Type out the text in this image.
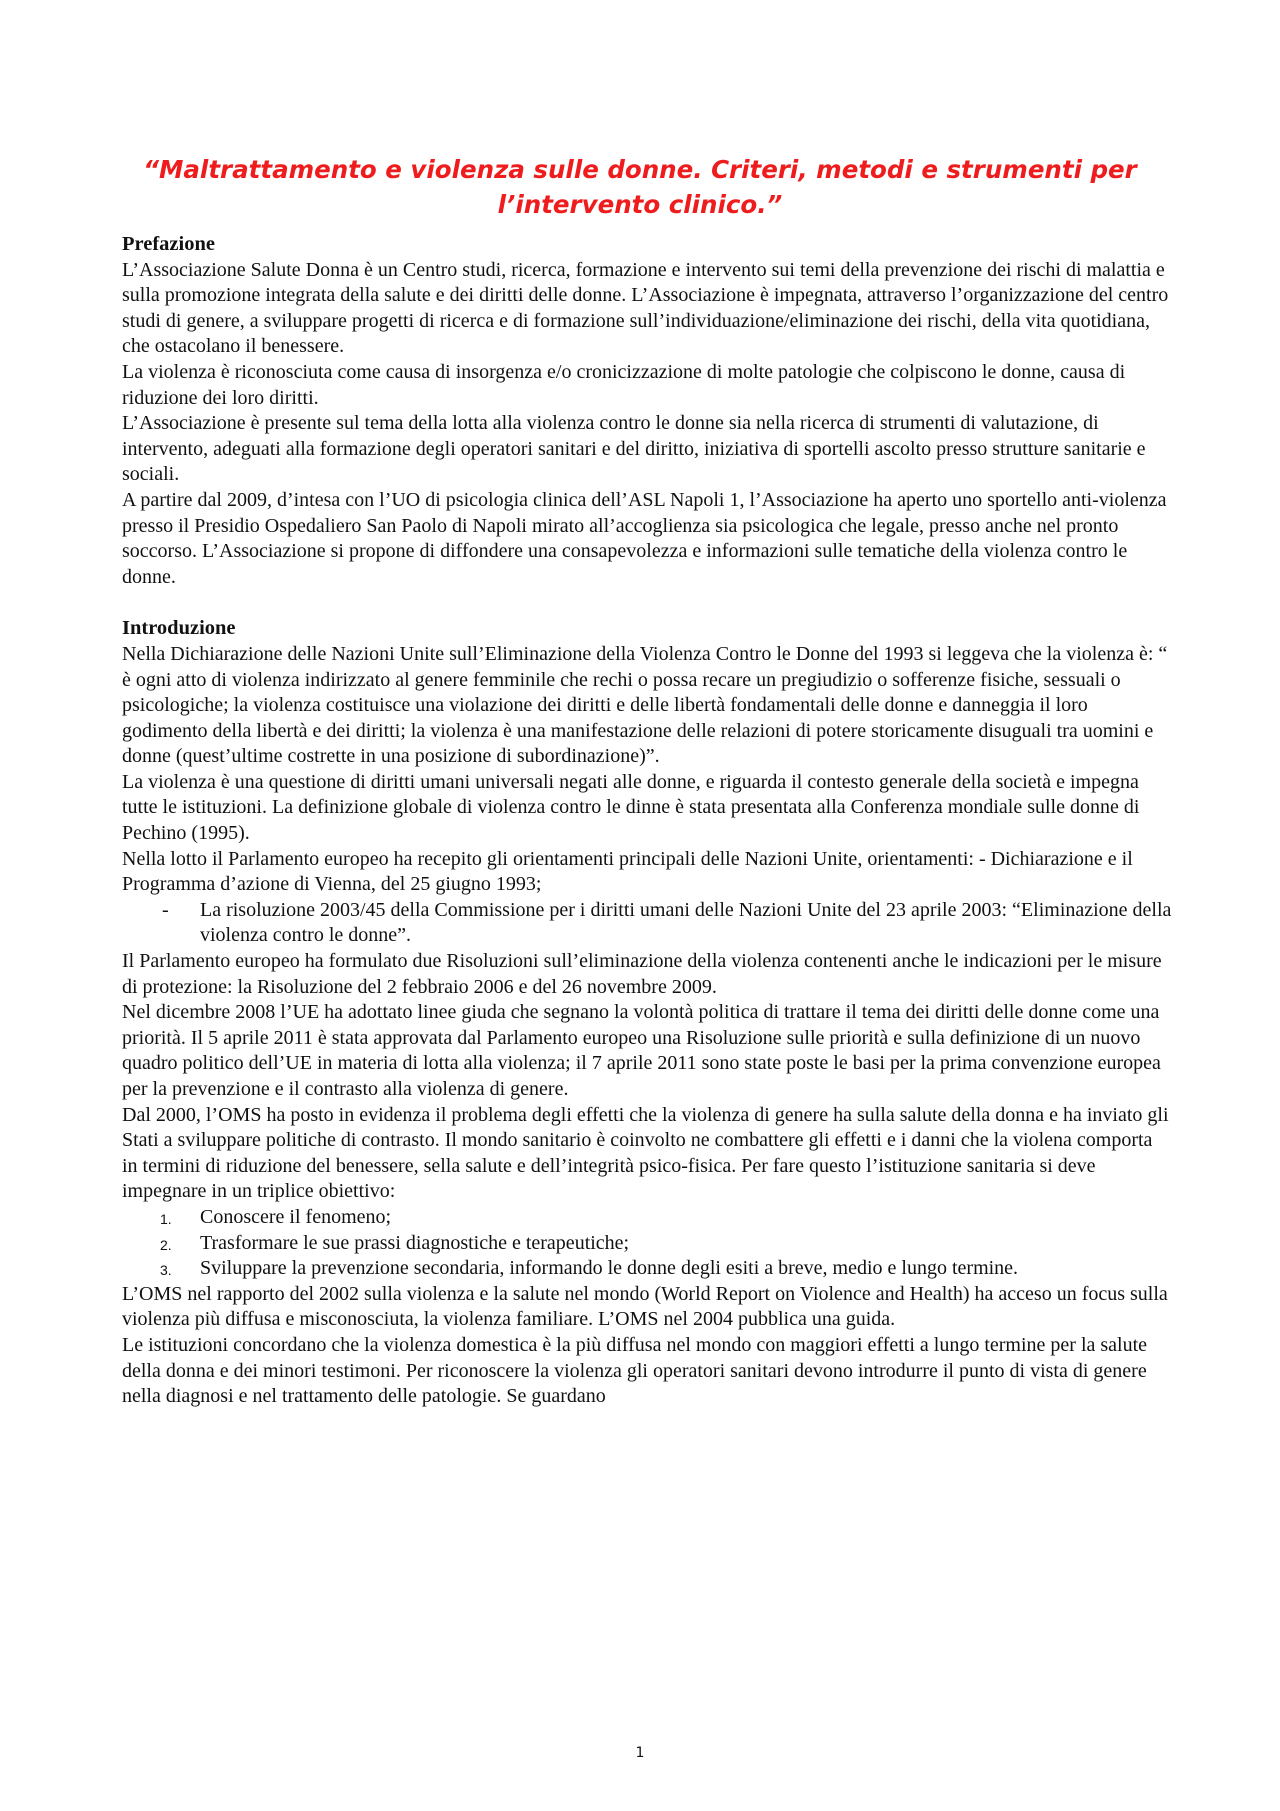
“Maltrattamento e violenza sulle donne. Criteri, metodi e strumenti per
l’intervento clinico.”

Prefazione

L’Associazione Salute Donna è un Centro studi, ricerca, formazione e intervento sui temi della prevenzione dei rischi di malattia e sulla promozione integrata della salute e dei diritti delle donne. L’Associazione è impegnata, attraverso l’organizzazione del centro studi di genere, a sviluppare progetti di ricerca e di formazione sull’individuazione/eliminazione dei rischi, della vita quotidiana, che ostacolano il benessere.

La violenza è riconosciuta come causa di insorgenza e/o cronicizzazione di molte patologie che colpiscono le donne, causa di riduzione dei loro diritti.

L’Associazione è presente sul tema della lotta alla violenza contro le donne sia nella ricerca di strumenti di valutazione, di intervento, adeguati alla formazione degli operatori sanitari e del diritto, iniziativa di sportelli ascolto presso strutture sanitarie e sociali.

A partire dal 2009, d’intesa con l’UO di psicologia clinica dell’ASL Napoli 1, l’Associazione ha aperto uno sportello anti-violenza presso il Presidio Ospedaliero San Paolo di Napoli mirato all’accoglienza sia psicologica che legale, presso anche nel pronto soccorso. L’Associazione si propone di diffondere una consapevolezza e informazioni sulle tematiche della violenza contro le donne.

Introduzione

Nella Dichiarazione delle Nazioni Unite sull’Eliminazione della Violenza Contro le Donne del 1993 si leggeva che la violenza è: “ è ogni atto di violenza indirizzato al genere femminile che rechi o possa recare un pregiudizio o sofferenze fisiche, sessuali o psicologiche; la violenza costituisce una violazione dei diritti e delle libertà fondamentali delle donne e danneggia il loro godimento della libertà e dei diritti; la violenza è una manifestazione delle relazioni di potere storicamente disuguali tra uomini e donne (quest’ultime costrette in una posizione di subordinazione)”.

La violenza è una questione di diritti umani universali negati alle donne, e riguarda il contesto generale della società e impegna tutte le istituzioni. La definizione globale di violenza contro le dinne è stata presentata alla Conferenza mondiale sulle donne di Pechino (1995).

Nella lotto il Parlamento europeo ha recepito gli orientamenti principali delle Nazioni Unite, orientamenti: - Dichiarazione e il Programma d’azione di Vienna, del 25 giugno 1993;

- La risoluzione 2003/45 della Commissione per i diritti umani delle Nazioni Unite del 23 aprile 2003: “Eliminazione della violenza contro le donne”.

Il Parlamento europeo ha formulato due Risoluzioni sull’eliminazione della violenza contenenti anche le indicazioni per le misure di protezione: la Risoluzione del 2 febbraio 2006 e del 26 novembre 2009.

Nel dicembre 2008 l’UE ha adottato linee giuda che segnano la volontà politica di trattare il tema dei diritti delle donne come una priorità. Il 5 aprile 2011 è stata approvata dal Parlamento europeo una Risoluzione sulle priorità e sulla definizione di un nuovo quadro politico dell’UE in materia di lotta alla violenza; il 7 aprile 2011 sono state poste le basi per la prima convenzione europea per la prevenzione e il contrasto alla violenza di genere.

Dal 2000, l’OMS ha posto in evidenza il problema degli effetti che la violenza di genere ha sulla salute della donna e ha inviato gli Stati a sviluppare politiche di contrasto. Il mondo sanitario è coinvolto ne combattere gli effetti e i danni che la violena comporta in termini di riduzione del benessere, sella salute e dell’integrità psico-fisica. Per fare questo l’istituzione sanitaria si deve impegnare in un triplice obiettivo:

1. Conoscere il fenomeno;
2. Trasformare le sue prassi diagnostiche e terapeutiche;
3. Sviluppare la prevenzione secondaria, informando le donne degli esiti a breve, medio e lungo termine.

L’OMS nel rapporto del 2002 sulla violenza e la salute nel mondo (World Report on Violence and Health) ha acceso un focus sulla violenza più diffusa e misconosciuta, la violenza familiare. L’OMS nel 2004 pubblica una guida.

Le istituzioni concordano che la violenza domestica è la più diffusa nel mondo con maggiori effetti a lungo termine per la salute della donna e dei minori testimoni. Per riconoscere la violenza gli operatori sanitari devono introdurre il punto di vista di genere nella diagnosi e nel trattamento delle patologie. Se guardano

1
